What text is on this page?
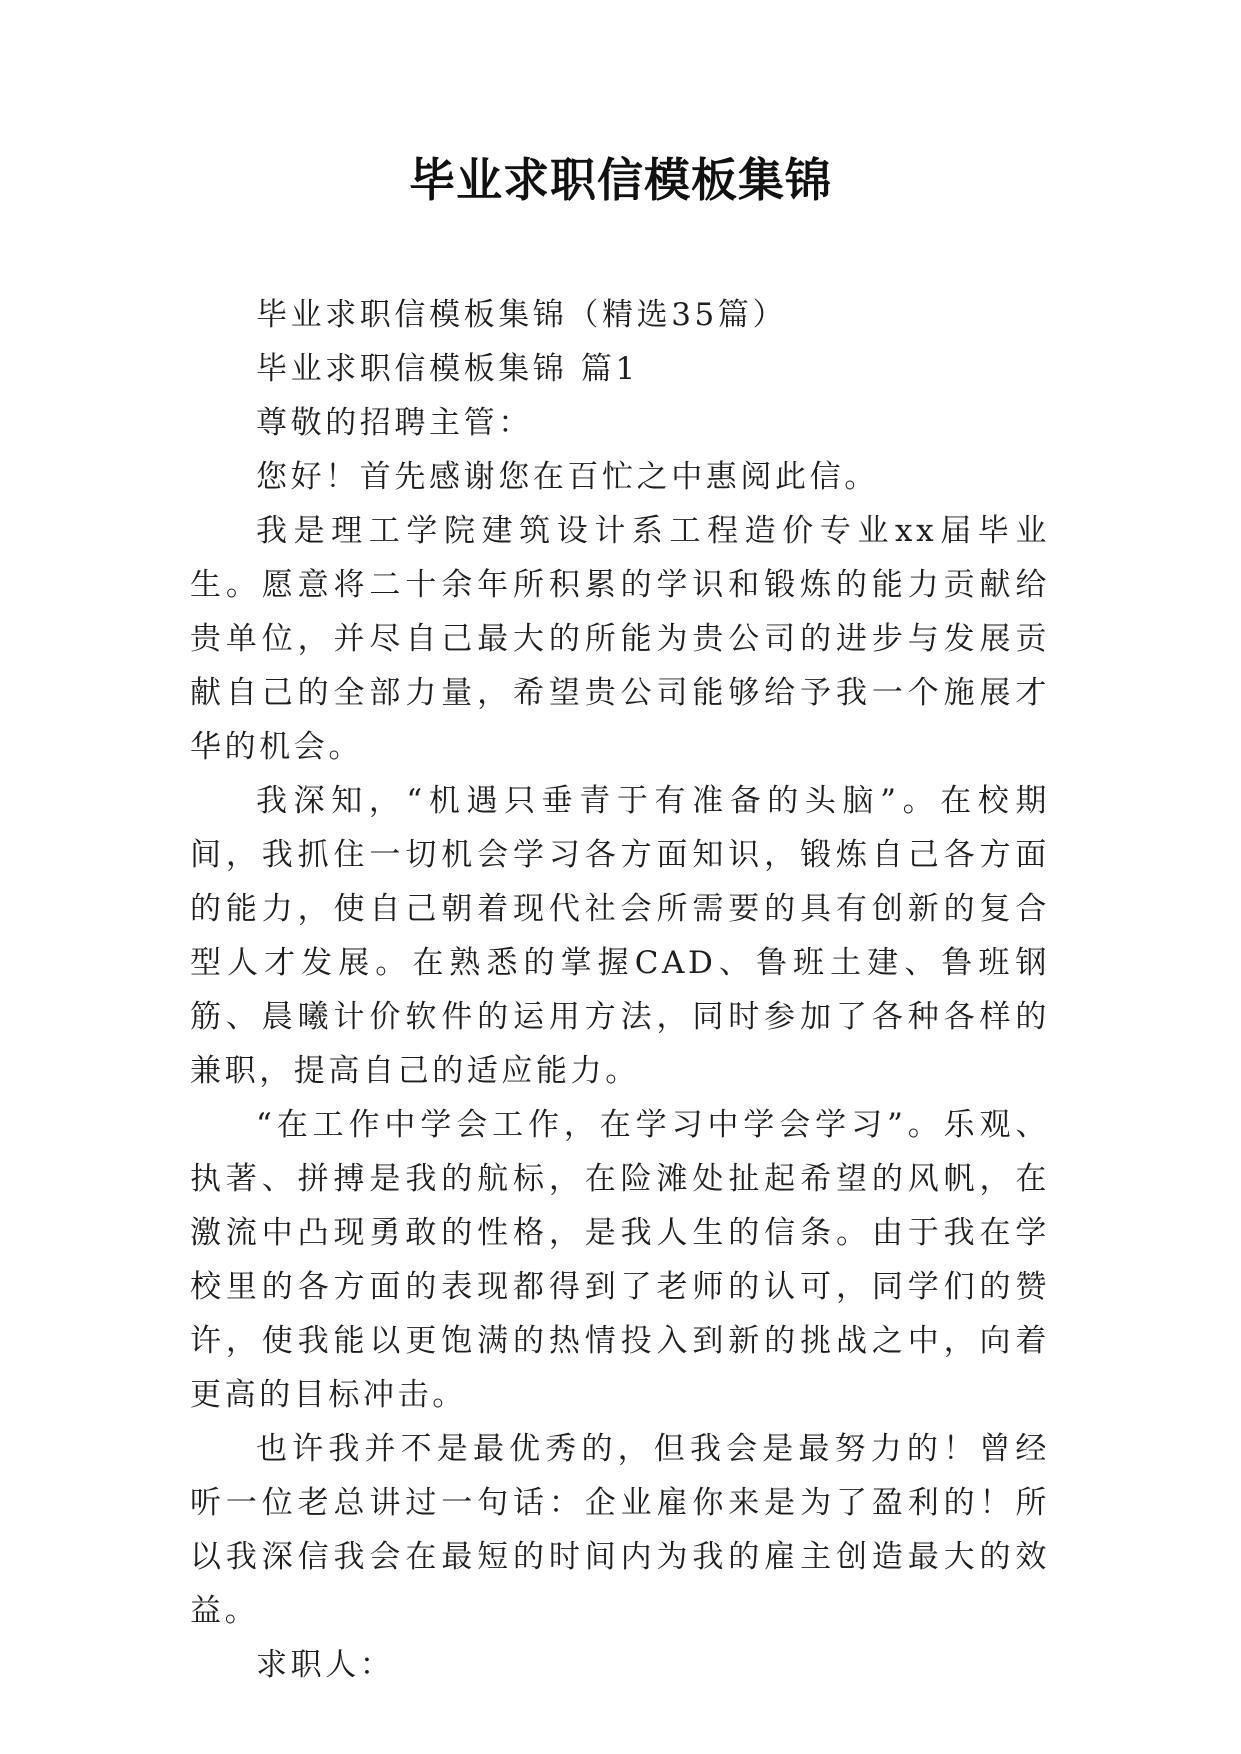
毕业求职信模板集锦

毕业求职信模板集锦（精选35篇）

毕业求职信模板集锦 篇1

尊敬的招聘主管：

您好！首先感谢您在百忙之中惠阅此信。

我是理工学院建筑设计系工程造价专业xx届毕业生。愿意将二十余年所积累的学识和锻炼的能力贡献给贵单位，并尽自己最大的所能为贵公司的进步与发展贡献自己的全部力量，希望贵公司能够给予我一个施展才华的机会。

我深知，“机遇只垂青于有准备的头脑”。在校期间，我抓住一切机会学习各方面知识，锻炼自己各方面的能力，使自己朝着现代社会所需要的具有创新的复合型人才发展。在熟悉的掌握CAD、鲁班土建、鲁班钢筋、晨曦计价软件的运用方法，同时参加了各种各样的兼职，提高自己的适应能力。

“在工作中学会工作，在学习中学会学习”。乐观、执著、拼搏是我的航标，在险滩处扯起希望的风帆，在激流中凸现勇敢的性格，是我人生的信条。由于我在学校里的各方面的表现都得到了老师的认可，同学们的赞许，使我能以更饱满的热情投入到新的挑战之中，向着更高的目标冲击。

也许我并不是最优秀的，但我会是最努力的！曾经听一位老总讲过一句话：企业雇你来是为了盈利的！所以我深信我会在最短的时间内为我的雇主创造最大的效益。

求职人：
